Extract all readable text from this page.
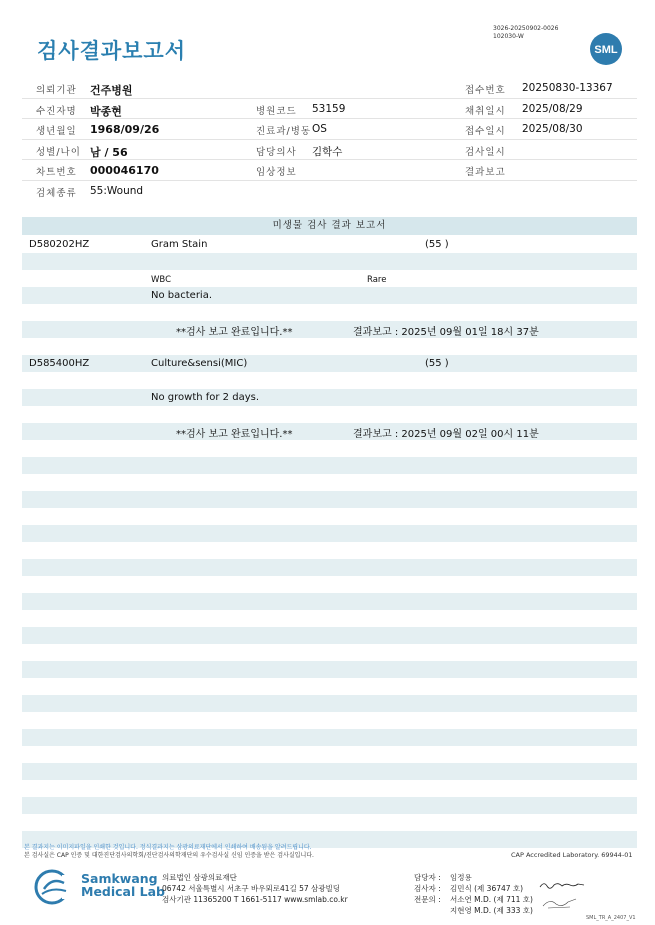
3026-20250902-0026
102030-W
검사결과보고서	SML
의뢰기관 건주병원	접수번호 20250830-13367
수진자명 박종현	병원코드 53159	채취일시 2025/08/29
생년월일 1968/09/26	진료과/병동 OS	접수일시 2025/08/30
성별/나이 남 / 56	담당의사 김학수	검사일시
차트번호 000046170	임상정보	결과보고
검체종류 55:Wound
미생물 검사 결과 보고서
D580202HZ	Gram Stain	(55 )
WBC	Rare
No bacteria.
**검사 보고 완료입니다.**	결과보고 : 2025년 09월 01일 18시 37분
D585400HZ	Culture&sensi(MIC)	(55 )
No growth for 2 days.
**검사 보고 완료입니다.**	결과보고 : 2025년 09월 02일 00시 11분
본 결과지는 이미지파일을 인쇄한 것입니다. 정식결과지는 삼광의료재단에서 인쇄하여 배송됨을 알려드립니다.
본 검사실은 CAP 인증 및 대한진단검사의학회/진단검사의학재단의 우수검사실 신임 인증을 받은 검사실입니다.	CAP Accredited Laboratory. 69944-01
Samkwang
Medical Lab
의료법인 삼광의료재단
06742 서울특별시 서초구 바우뫼로41길 57 삼광빌딩
검사기관 11365200 T 1661-5117 www.smlab.co.kr
담당자 : 임정용
검사자 : 김민식 (제 36747 호)
전문의 : 서소연 M.D. (제 711 호)
지현영 M.D. (제 333 호)
SML_TR_A_2407_V1
